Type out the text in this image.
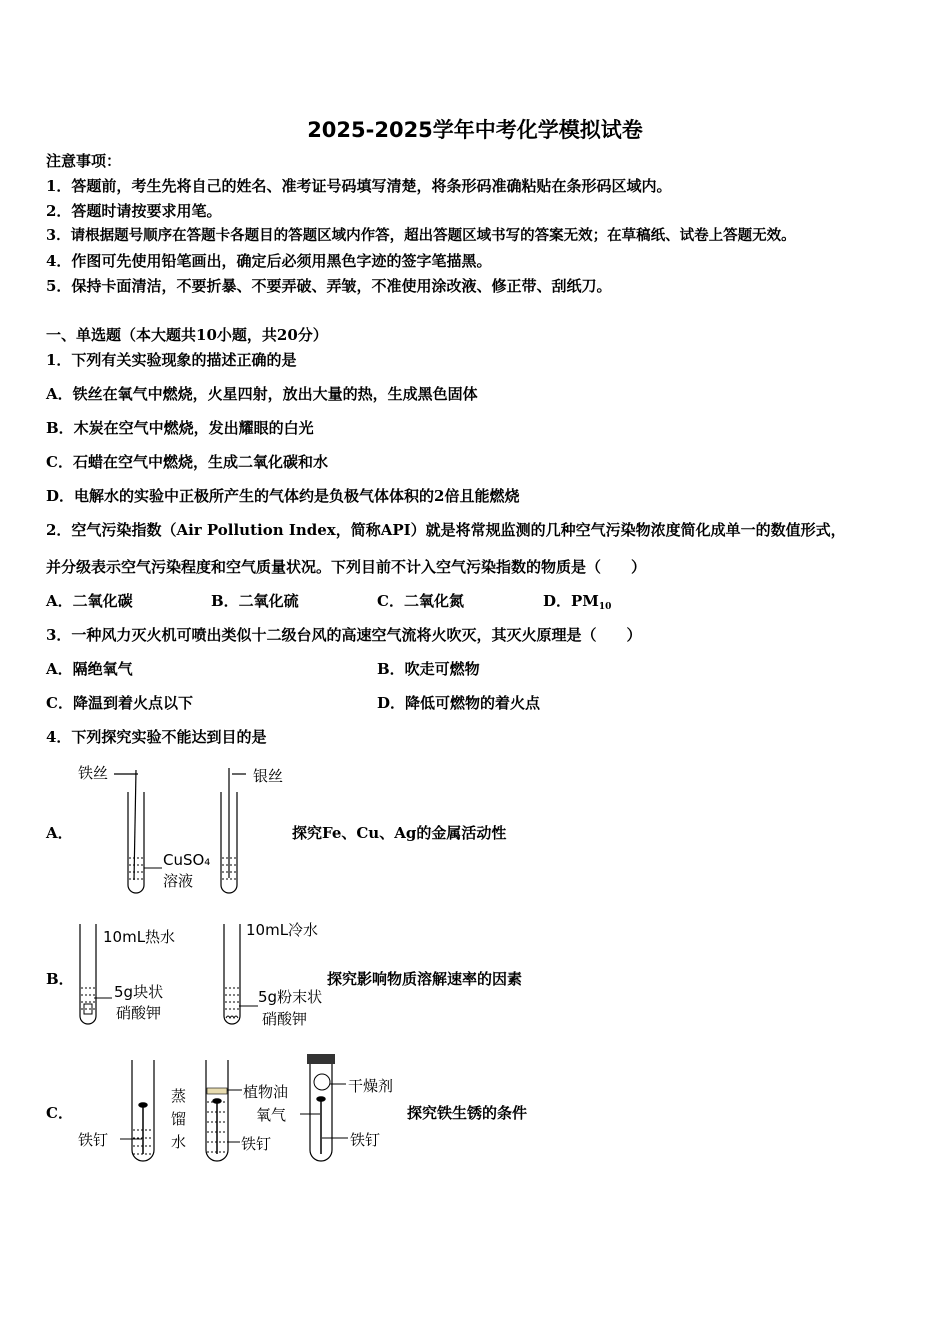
2025-2025学年中考化学模拟试卷
注意事项：
1．答题前，考生先将自己的姓名、准考证号码填写清楚，将条形码准确粘贴在条形码区域内。
2．答题时请按要求用笔。
3．请根据题号顺序在答题卡各题目的答题区域内作答，超出答题区域书写的答案无效；在草稿纸、试卷上答题无效。
4．作图可先使用铅笔画出，确定后必须用黑色字迹的签字笔描黑。
5．保持卡面清洁，不要折暴、不要弄破、弄皱，不准使用涂改液、修正带、刮纸刀。
一、单选题（本大题共10小题，共20分）
1．下列有关实验现象的描述正确的是
A．铁丝在氧气中燃烧，火星四射，放出大量的热，生成黑色固体
B．木炭在空气中燃烧，发出耀眼的白光
C．石蜡在空气中燃烧，生成二氧化碳和水
D．电解水的实验中正极所产生的气体约是负极气体体积的2倍且能燃烧
2．空气污染指数（Air Pollution Index，简称API）就是将常规监测的几种空气污染物浓度简化成单一的数值形式，
并分级表示空气污染程度和空气质量状况。下列目前不计入空气污染指数的物质是（　　）
A．二氧化碳	B．二氧化硫	C．二氧化氮	D．$PM_{10}$
3．一种风力灭火机可喷出类似十二级台风的高速空气流将火吹灭，其灭火原理是（　　）
A．隔绝氧气	B．吹走可燃物
C．降温到着火点以下	D．降低可燃物的着火点
4．下列探究实验不能达到目的是
A．
铁丝	银丝
CuSO₄
溶液
探究Fe、Cu、Ag的金属活动性
B．
10mL热水	10mL冷水
5g块状
硝酸钾
5g粉末状
硝酸钾
探究影响物质溶解速率的因素
C．
铁钉
蒸
馏
水
植物油
铁钉
氧气
干燥剂
铁钉
探究铁生锈的条件
